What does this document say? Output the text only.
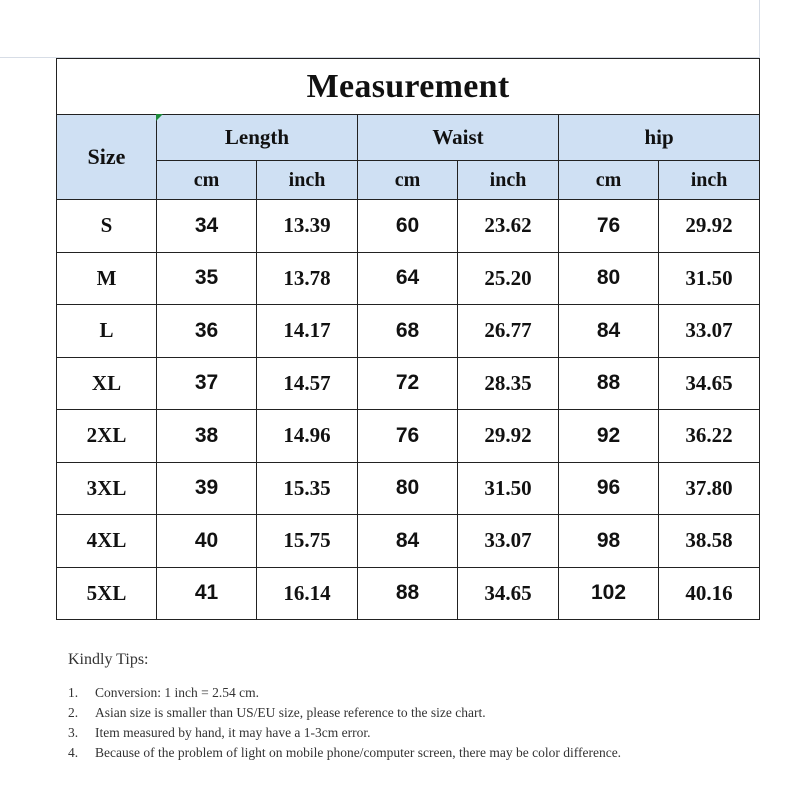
Measurement						
Size	Length		Waist		hip	
	cm	inch	cm	inch	cm	inch
S	34	13.39	60	23.62	76	29.92
M	35	13.78	64	25.20	80	31.50
L	36	14.17	68	26.77	84	33.07
XL	37	14.57	72	28.35	88	34.65
2XL	38	14.96	76	29.92	92	36.22
3XL	39	15.35	80	31.50	96	37.80
4XL	40	15.75	84	33.07	98	38.58
5XL	41	16.14	88	34.65	102	40.16
Kindly Tips:
1. Conversion: 1 inch = 2.54 cm.
2. Asian size is smaller than US/EU size, please reference to the size chart.
3. Item measured by hand, it may have a 1-3cm error.
4. Because of the problem of light on mobile phone/computer screen, there may be color difference.
